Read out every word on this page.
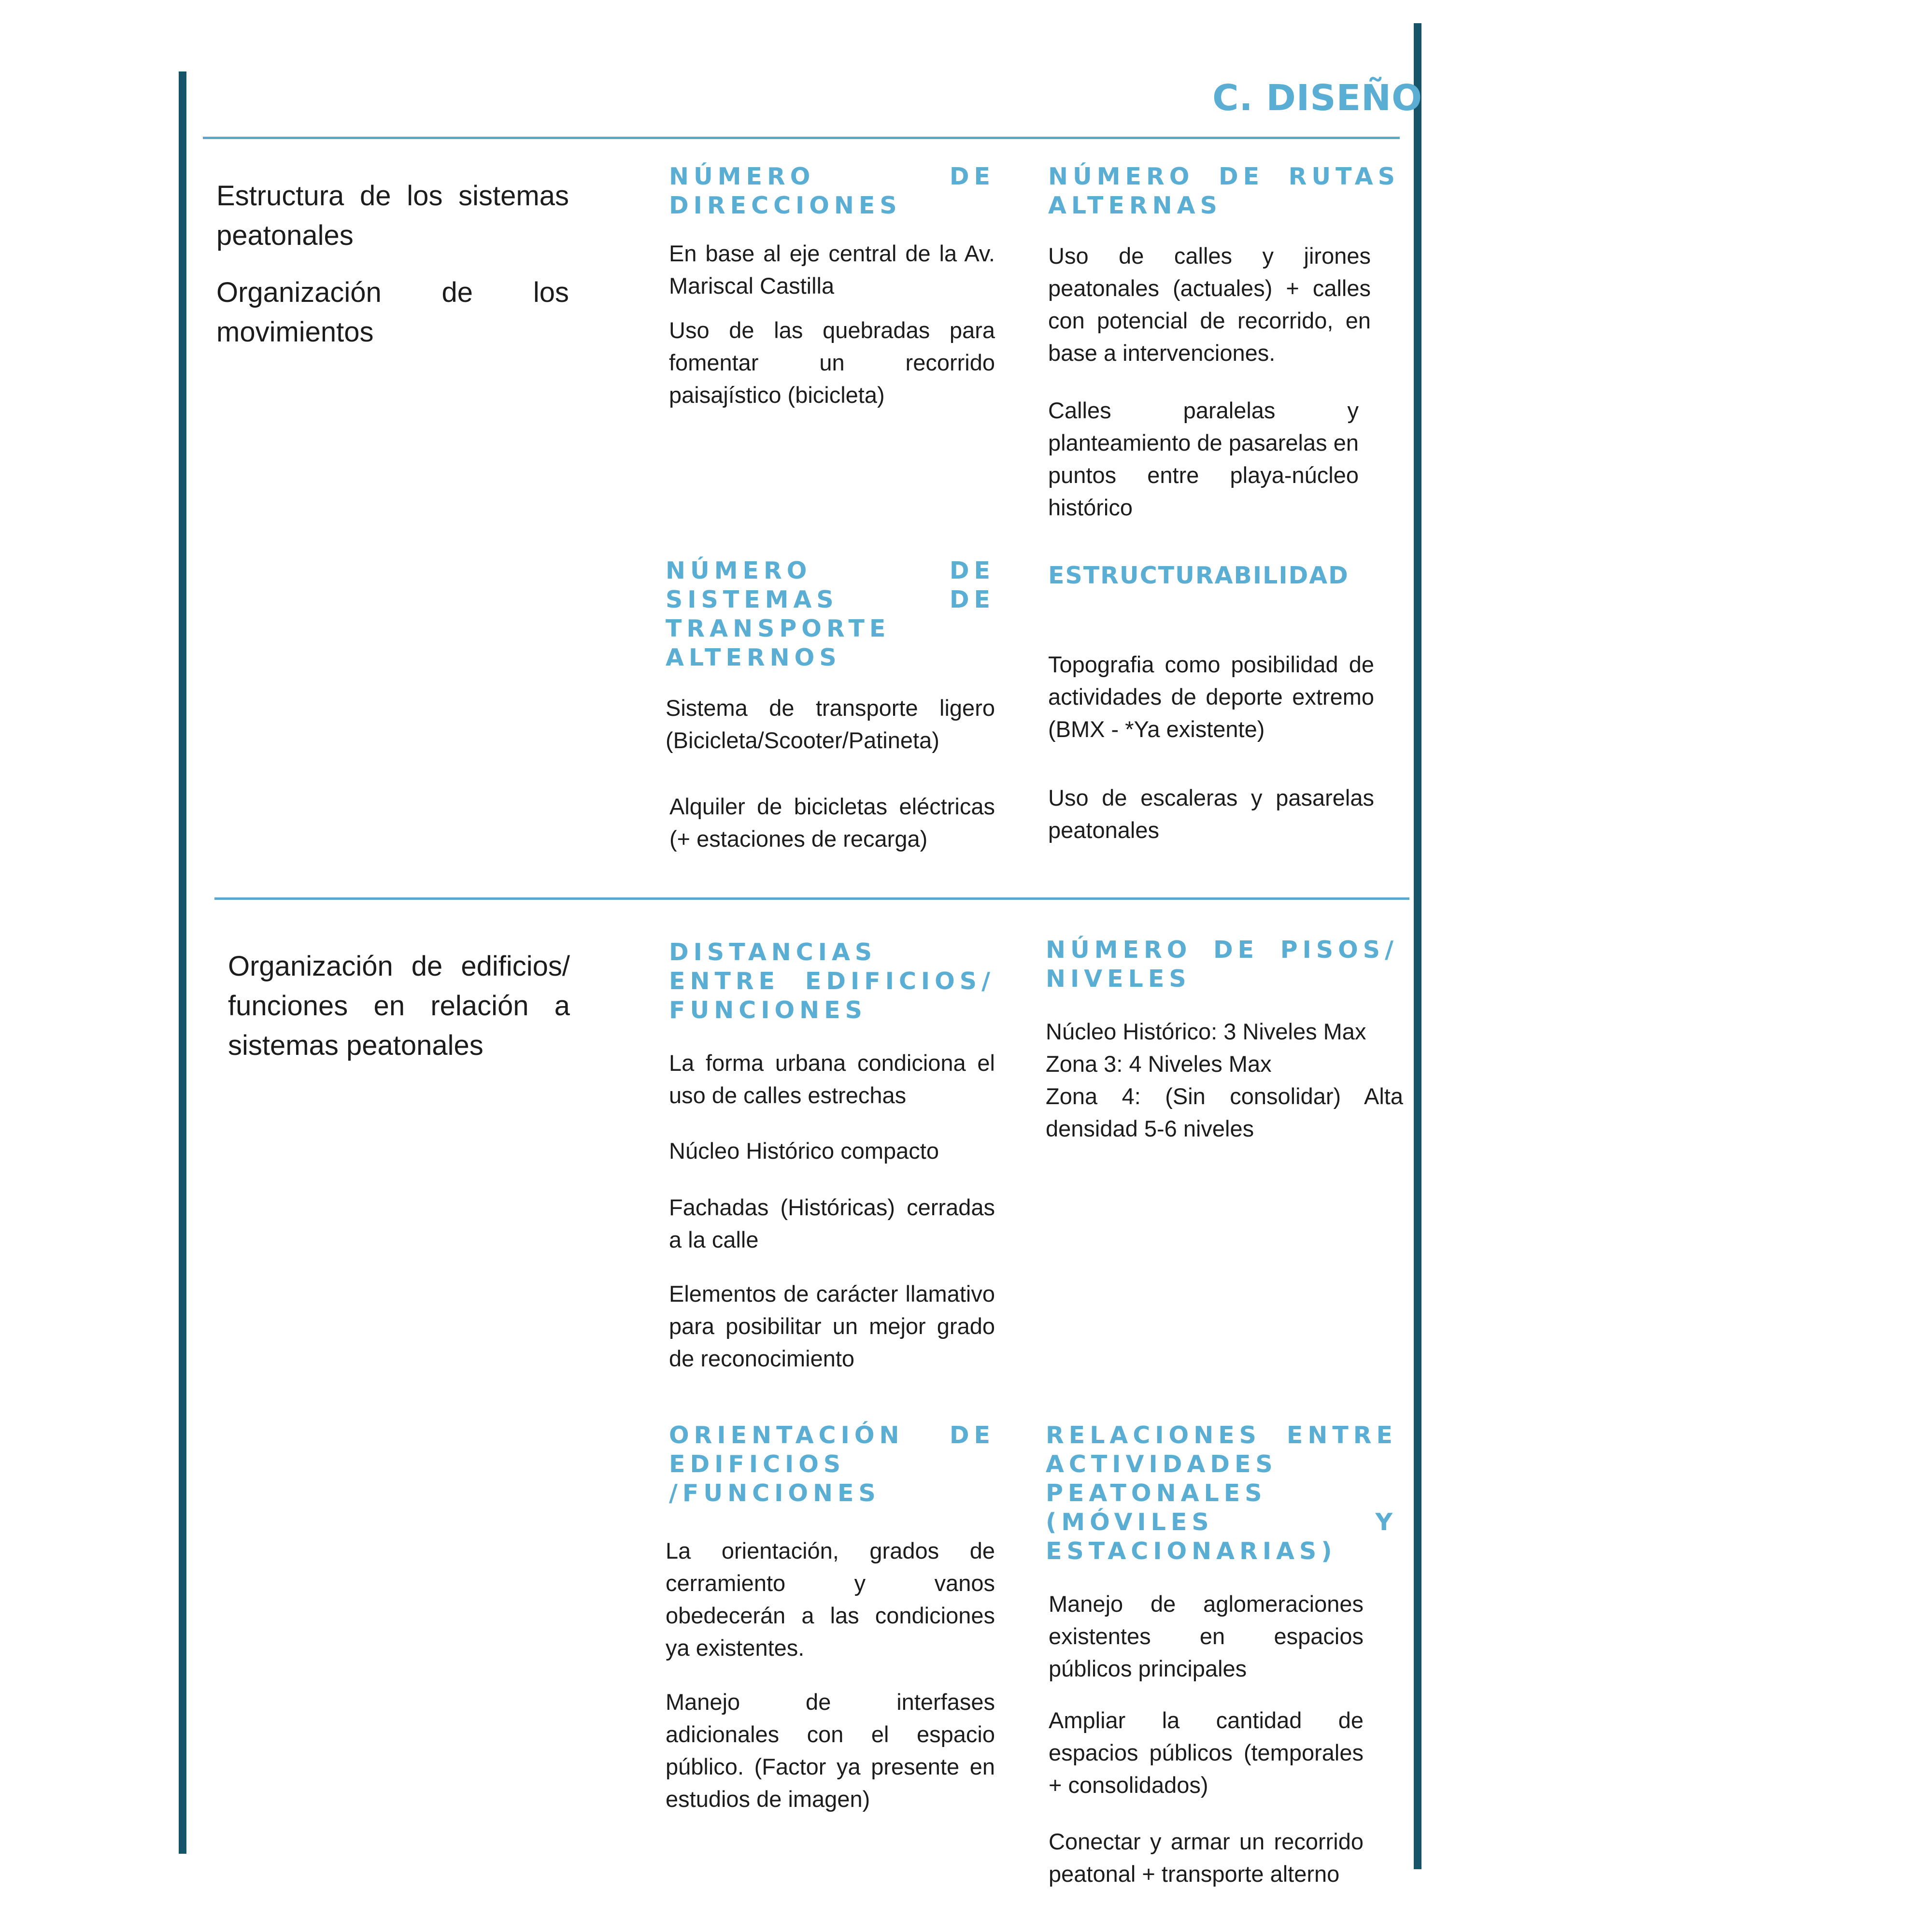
C. DISEÑO

Estructura de los sistemas peatonales

Organización de los movimientos

NÚMERO DE DIRECCIONES

En base al eje central de la Av. Mariscal Castilla

Uso de las quebradas para fomentar un recorrido paisajístico (bicicleta)

NÚMERO DE RUTAS ALTERNAS

Uso de calles y jirones peatonales (actuales) + calles con potencial de recorrido, en base a intervenciones.

Calles paralelas y planteamiento de pasarelas en puntos entre playa-núcleo histórico

NÚMERO DE SISTEMAS DE TRANSPORTE ALTERNOS

Sistema de transporte ligero (Bicicleta/Scooter/Patineta)

Alquiler de bicicletas eléctricas (+ estaciones de recarga)

ESTRUCTURABILIDAD

Topografia como posibilidad de actividades de deporte extremo (BMX - *Ya existente)

Uso de escaleras y pasarelas peatonales

Organización de edificios/ funciones en relación a sistemas peatonales

DISTANCIAS ENTRE EDIFICIOS/ FUNCIONES

La forma urbana condiciona el uso de calles estrechas

Núcleo Histórico compacto

Fachadas (Históricas) cerradas a la calle

Elementos de carácter llamativo para posibilitar un mejor grado de reconocimiento

NÚMERO DE PISOS/ NIVELES

Núcleo Histórico: 3 Niveles Max

Zona 3: 4 Niveles Max

Zona 4: (Sin consolidar) Alta densidad 5-6 niveles

ORIENTACIÓN DE EDIFICIOS /FUNCIONES

La orientación, grados de cerramiento y vanos obedecerán a las condiciones ya existentes.

Manejo de interfases adicionales con el espacio público. (Factor ya presente en estudios de imagen)

RELACIONES ENTRE ACTIVIDADES PEATONALES (MÓVILES Y ESTACIONARIAS)

Manejo de aglomeraciones existentes en espacios públicos principales

Ampliar la cantidad de espacios públicos (temporales + consolidados)

Conectar y armar un recorrido peatonal + transporte alterno
